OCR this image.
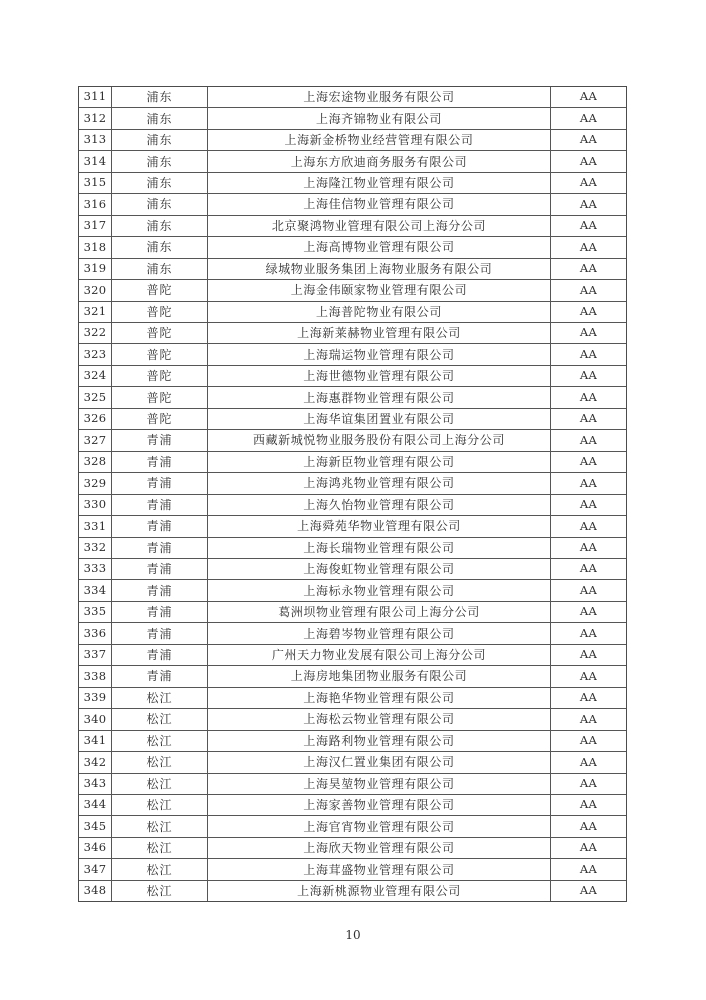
311	浦东	上海宏途物业服务有限公司	AA
312	浦东	上海齐锦物业有限公司	AA
313	浦东	上海新金桥物业经营管理有限公司	AA
314	浦东	上海东方欣迪商务服务有限公司	AA
315	浦东	上海隆江物业管理有限公司	AA
316	浦东	上海佳信物业管理有限公司	AA
317	浦东	北京聚鸿物业管理有限公司上海分公司	AA
318	浦东	上海高博物业管理有限公司	AA
319	浦东	绿城物业服务集团上海物业服务有限公司	AA
320	普陀	上海金伟颐家物业管理有限公司	AA
321	普陀	上海普陀物业有限公司	AA
322	普陀	上海新莱赫物业管理有限公司	AA
323	普陀	上海瑞运物业管理有限公司	AA
324	普陀	上海世德物业管理有限公司	AA
325	普陀	上海惠群物业管理有限公司	AA
326	普陀	上海华谊集团置业有限公司	AA
327	青浦	西藏新城悦物业服务股份有限公司上海分公司	AA
328	青浦	上海新臣物业管理有限公司	AA
329	青浦	上海鸿兆物业管理有限公司	AA
330	青浦	上海久怡物业管理有限公司	AA
331	青浦	上海舜苑华物业管理有限公司	AA
332	青浦	上海长瑞物业管理有限公司	AA
333	青浦	上海俊虹物业管理有限公司	AA
334	青浦	上海标永物业管理有限公司	AA
335	青浦	葛洲坝物业管理有限公司上海分公司	AA
336	青浦	上海碧岑物业管理有限公司	AA
337	青浦	广州天力物业发展有限公司上海分公司	AA
338	青浦	上海房地集团物业服务有限公司	AA
339	松江	上海艳华物业管理有限公司	AA
340	松江	上海松云物业管理有限公司	AA
341	松江	上海路利物业管理有限公司	AA
342	松江	上海汉仁置业集团有限公司	AA
343	松江	上海昊堃物业管理有限公司	AA
344	松江	上海家善物业管理有限公司	AA
345	松江	上海官宵物业管理有限公司	AA
346	松江	上海欣天物业管理有限公司	AA
347	松江	上海茸盛物业管理有限公司	AA
348	松江	上海新桃源物业管理有限公司	AA
10
